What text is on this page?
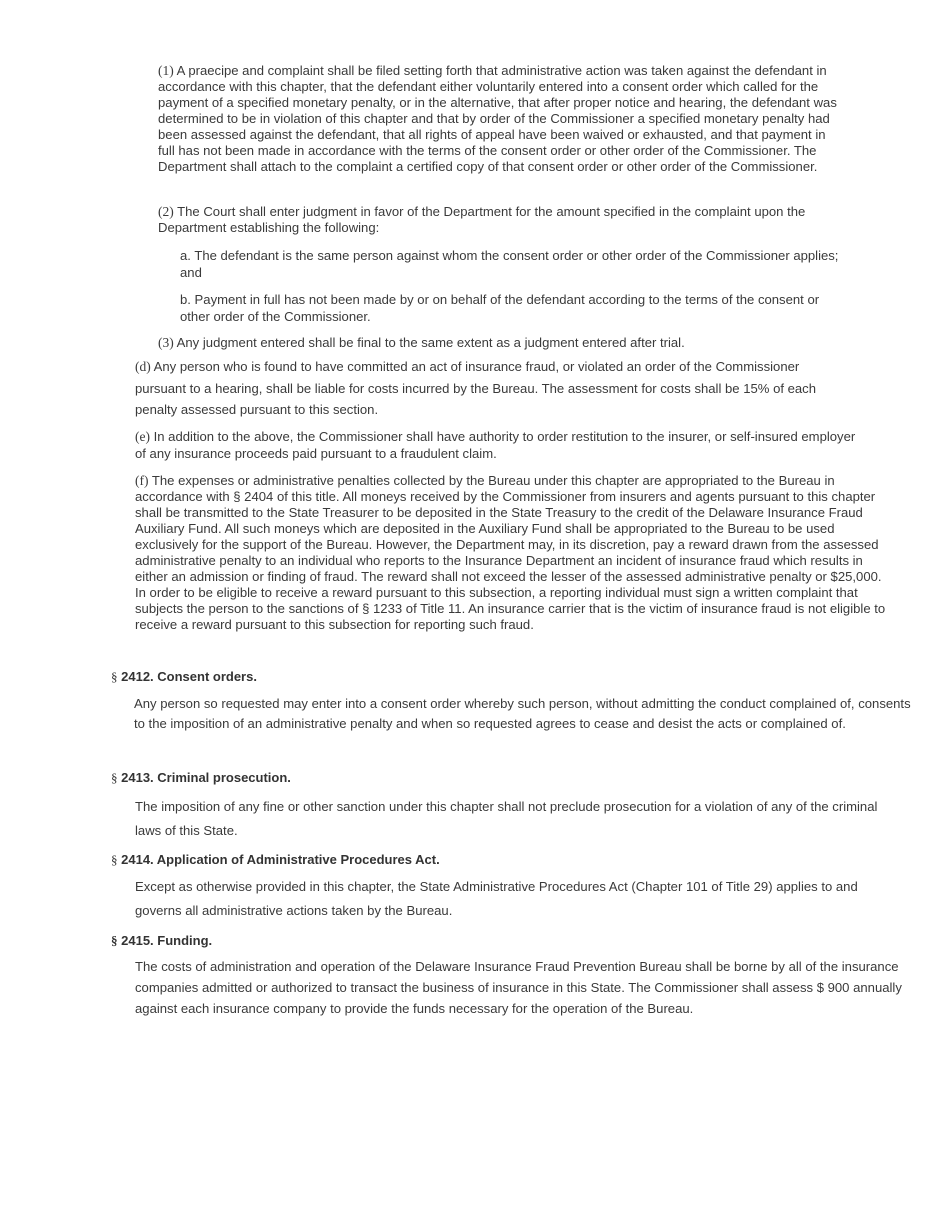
(1) A praecipe and complaint shall be filed setting forth that administrative action was taken against the defendant in accordance with this chapter, that the defendant either voluntarily entered into a consent order which called for the payment of a specified monetary penalty, or in the alternative, that after proper notice and hearing, the defendant was determined to be in violation of this chapter and that by order of the Commissioner a specified monetary penalty had been assessed against the defendant, that all rights of appeal have been waived or exhausted, and that payment in full has not been made in accordance with the terms of the consent order or other order of the Commissioner. The Department shall attach to the complaint a certified copy of that consent order or other order of the Commissioner.

(2) The Court shall enter judgment in favor of the Department for the amount specified in the complaint upon the Department establishing the following:

a. The defendant is the same person against whom the consent order or other order of the Commissioner applies; and

b. Payment in full has not been made by or on behalf of the defendant according to the terms of the consent or other order of the Commissioner.

(3) Any judgment entered shall be final to the same extent as a judgment entered after trial.

(d) Any person who is found to have committed an act of insurance fraud, or violated an order of the Commissioner pursuant to a hearing, shall be liable for costs incurred by the Bureau. The assessment for costs shall be 15% of each penalty assessed pursuant to this section.

(e) In addition to the above, the Commissioner shall have authority to order restitution to the insurer, or self-insured employer of any insurance proceeds paid pursuant to a fraudulent claim.

(f) The expenses or administrative penalties collected by the Bureau under this chapter are appropriated to the Bureau in accordance with § 2404 of this title. All moneys received by the Commissioner from insurers and agents pursuant to this chapter shall be transmitted to the State Treasurer to be deposited in the State Treasury to the credit of the Delaware Insurance Fraud Auxiliary Fund. All such moneys which are deposited in the Auxiliary Fund shall be appropriated to the Bureau to be used exclusively for the support of the Bureau. However, the Department may, in its discretion, pay a reward drawn from the assessed administrative penalty to an individual who reports to the Insurance Department an incident of insurance fraud which results in either an admission or finding of fraud. The reward shall not exceed the lesser of the assessed administrative penalty or $25,000. In order to be eligible to receive a reward pursuant to this subsection, a reporting individual must sign a written complaint that subjects the person to the sanctions of § 1233 of Title 11. An insurance carrier that is the victim of insurance fraud is not eligible to receive a reward pursuant to this subsection for reporting such fraud.

§ 2412. Consent orders.

Any person so requested may enter into a consent order whereby such person, without admitting the conduct complained of, consents to the imposition of an administrative penalty and when so requested agrees to cease and desist the acts or complained of.

§ 2413. Criminal prosecution.

The imposition of any fine or other sanction under this chapter shall not preclude prosecution for a violation of any of the criminal laws of this State.

§ 2414. Application of Administrative Procedures Act.

Except as otherwise provided in this chapter, the State Administrative Procedures Act (Chapter 101 of Title 29) applies to and governs all administrative actions taken by the Bureau.

§ 2415. Funding.

The costs of administration and operation of the Delaware Insurance Fraud Prevention Bureau shall be borne by all of the insurance companies admitted or authorized to transact the business of insurance in this State. The Commissioner shall assess $ 900 annually against each insurance company to provide the funds necessary for the operation of the Bureau.
